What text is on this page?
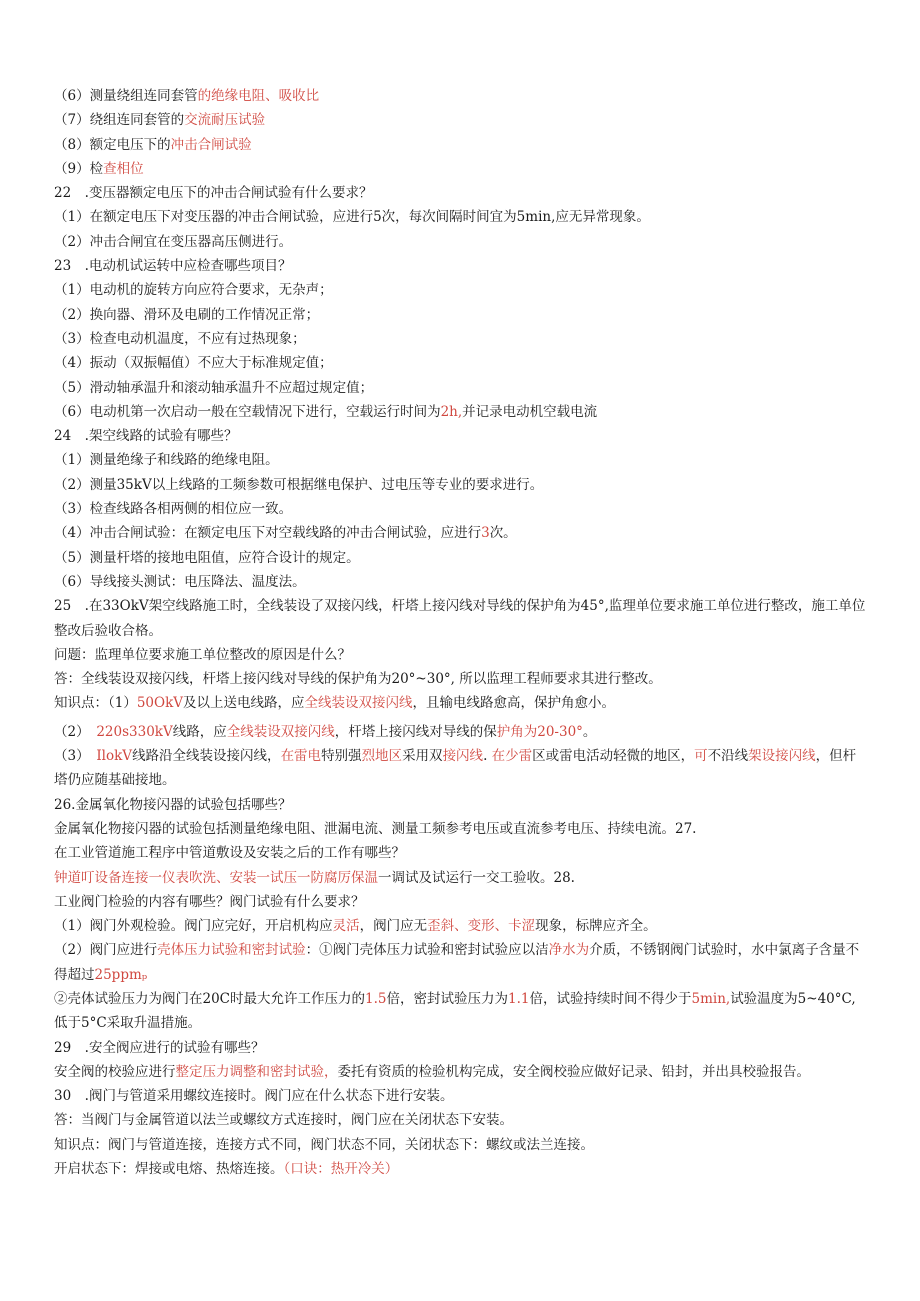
（6）测量绕组连同套管的绝缘电阻、吸收比
（7）绕组连同套管的交流耐压试验
（8）额定电压下的冲击合闸试验
（9）检查相位
22　.变压器额定电压下的冲击合闸试验有什么要求？
（1）在额定电压下对变压器的冲击合闸试验，应进行5次，每次间隔时间宜为5min,应无异常现象。
（2）冲击合闸宜在变压器高压侧进行。
23　.电动机试运转中应检查哪些项目？
（1）电动机的旋转方向应符合要求，无杂声；
（2）换向器、滑环及电刷的工作情况正常；
（3）检查电动机温度，不应有过热现象；
（4）振动（双振幅值）不应大于标准规定值；
（5）滑动轴承温升和滚动轴承温升不应超过规定值；
（6）电动机第一次启动一般在空载情况下进行，空载运行时间为2h,并记录电动机空载电流
24　.架空线路的试验有哪些？
（1）测量绝缘子和线路的绝缘电阻。
（2）测量35kV以上线路的工频参数可根据继电保护、过电压等专业的要求进行。
（3）检查线路各相两侧的相位应一致。
（4）冲击合闸试验：在额定电压下对空载线路的冲击合闸试验，应进行3次。
（5）测量杆塔的接地电阻值，应符合设计的规定。
（6）导线接头测试：电压降法、温度法。
25　.在33OkV架空线路施工时，全线装设了双接闪线，杆塔上接闪线对导线的保护角为45°,监理单位要求施工单位进行整改，施工单位整改后验收合格。
问题：监理单位要求施工单位整改的原因是什么？
答：全线装设双接闪线，杆塔上接闪线对导线的保护角为20°~30°, 所以监理工程师要求其进行整改。
知识点：（1）50OkV及以上送电线路，应全线装设双接闪线，且输电线路愈高，保护角愈小。
（2）　220s330kV线路，应全线装设双接闪线，杆塔上接闪线对导线的保护角为20-30°。
（3）　IlokV线路沿全线装设接闪线，在雷电特别强烈地区采用双接闪线. 在少雷区或雷电活动轻微的地区，可不沿线架设接闪线，但杆塔仍应随基础接地。
26.金属氧化物接闪器的试验包括哪些？
金属氧化物接闪器的试验包括测量绝缘电阻、泄漏电流、测量工频参考电压或直流参考电压、持续电流。27.
在工业管道施工程序中管道敷设及安装之后的工作有哪些？
钟道叮设备连接一仪表吹洗、安装一试压一防腐厉保温一调试及试运行一交工验收。28.
工业阀门检验的内容有哪些？阀门试验有什么要求？
（1）阀门外观检验。阀门应完好，开启机构应灵活，阀门应无歪斜、变形、卡涩现象，标牌应齐全。
（2）阀门应进行壳体压力试验和密封试验：①阀门壳体压力试验和密封试验应以洁净水为介质，不锈钢阀门试验时，水中氯离子含量不得超过25ppmₚ
②壳体试验压力为阀门在20C时最大允许工作压力的1.5倍，密封试验压力为1.1倍，试验持续时间不得少于5min,试验温度为5~40°C,低于5°C采取升温措施。
29　.安全阀应进行的试验有哪些？
安全阀的校验应进行整定压力调整和密封试验，委托有资质的检验机构完成，安全阀校验应做好记录、铅封，并出具校验报告。
30　.阀门与管道采用螺纹连接时。阀门应在什么状态下进行安装。
答：当阀门与金属管道以法兰或螺纹方式连接时，阀门应在关闭状态下安装。
知识点：阀门与管道连接，连接方式不同，阀门状态不同，关闭状态下：螺纹或法兰连接。
开启状态下：焊接或电熔、热熔连接。（口诀：热开冷关）
